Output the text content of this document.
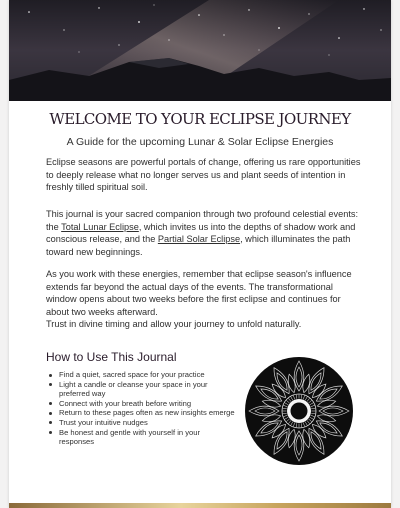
WELCOME TO YOUR ECLIPSE JOURNEY
A Guide for the upcoming Lunar & Solar Eclipse Energies

Eclipse seasons are powerful portals of change, offering us rare opportunities to deeply release what no longer serves us and plant seeds of intention in freshly tilled spiritual soil.

This journal is your sacred companion through two profound celestial events: the Total Lunar Eclipse, which invites us into the depths of shadow work and conscious release, and the Partial Solar Eclipse, which illuminates the path toward new beginnings.

As you work with these energies, remember that eclipse season's influence extends far beyond the actual days of the events. The transformational window opens about two weeks before the first eclipse and continues for about two weeks afterward.

Trust in divine timing and allow your journey to unfold naturally.

How to Use This Journal
Find a quiet, sacred space for your practice
Light a candle or cleanse your space in your preferred way
Connect with your breath before writing
Return to these pages often as new insights emerge
Trust your intuitive nudges
Be honest and gentle with yourself in your responses
